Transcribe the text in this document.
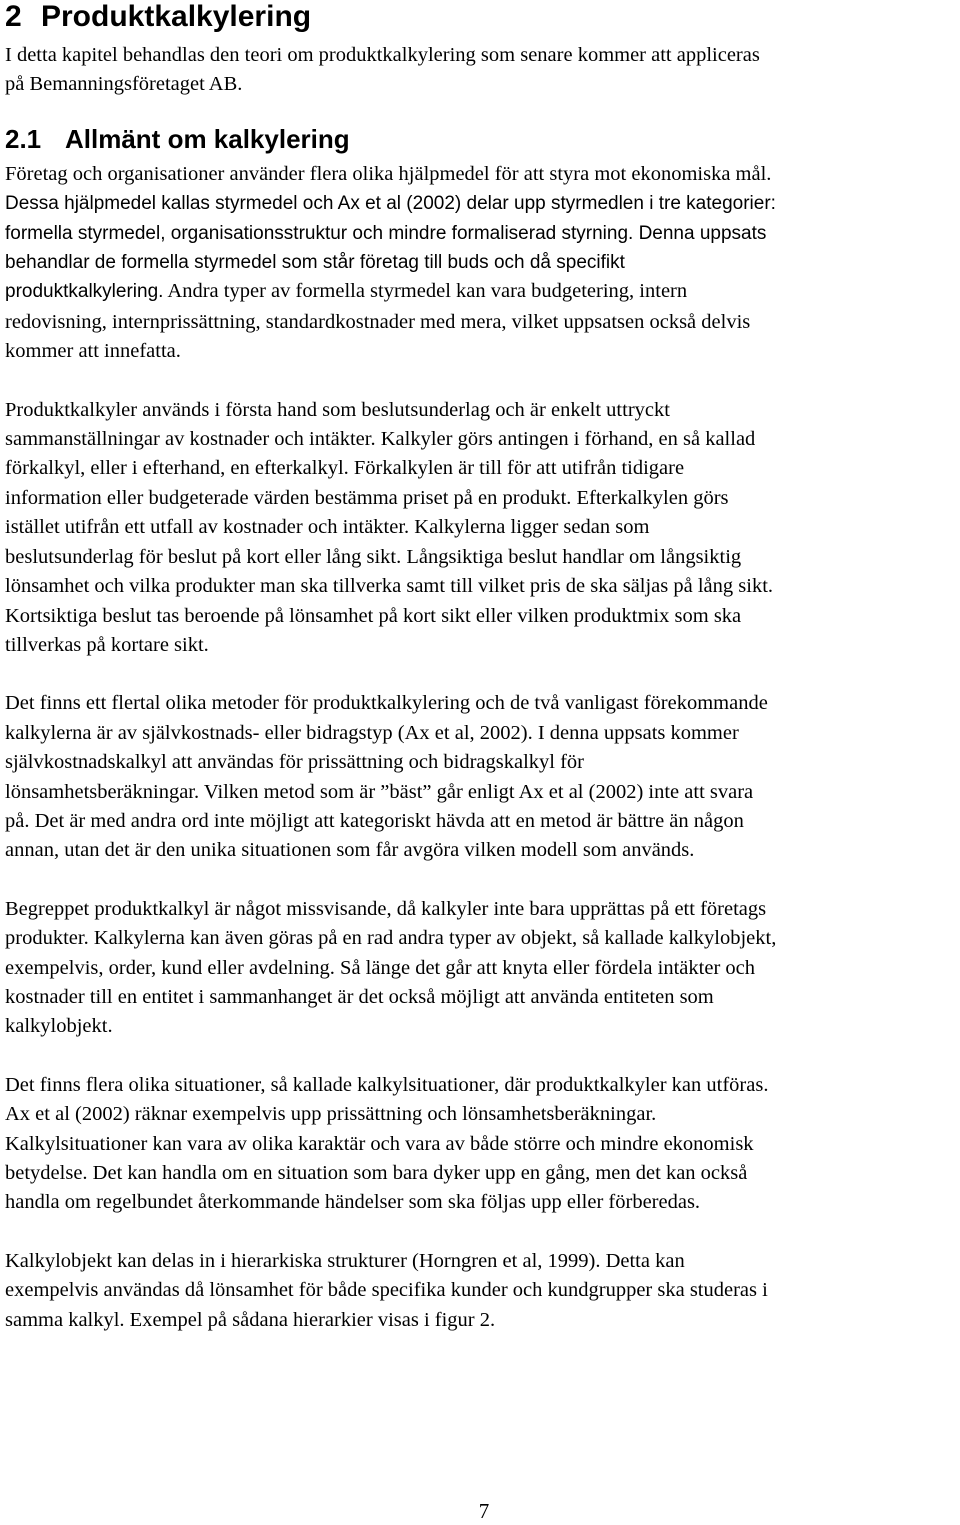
2 Produktkalkylering

I detta kapitel behandlas den teori om produktkalkylering som senare kommer att appliceras
på Bemanningsföretaget AB.

2.1 Allmänt om kalkylering
Företag och organisationer använder flera olika hjälpmedel för att styra mot ekonomiska mål.
Dessa hjälpmedel kallas styrmedel och Ax et al (2002) delar upp styrmedlen i tre kategorier:
formella styrmedel, organisationsstruktur och mindre formaliserad styrning. Denna uppsats
behandlar de formella styrmedel som står företag till buds och då specifikt
produktkalkylering. Andra typer av formella styrmedel kan vara budgetering, intern
redovisning, internprissättning, standardkostnader med mera, vilket uppsatsen också delvis
kommer att innefatta.

Produktkalkyler används i första hand som beslutsunderlag och är enkelt uttryckt
sammanställningar av kostnader och intäkter. Kalkyler görs antingen i förhand, en så kallad
förkalkyl, eller i efterhand, en efterkalkyl. Förkalkylen är till för att utifrån tidigare
information eller budgeterade värden bestämma priset på en produkt. Efterkalkylen görs
istället utifrån ett utfall av kostnader och intäkter. Kalkylerna ligger sedan som
beslutsunderlag för beslut på kort eller lång sikt. Långsiktiga beslut handlar om långsiktig
lönsamhet och vilka produkter man ska tillverka samt till vilket pris de ska säljas på lång sikt.
Kortsiktiga beslut tas beroende på lönsamhet på kort sikt eller vilken produktmix som ska
tillverkas på kortare sikt.

Det finns ett flertal olika metoder för produktkalkylering och de två vanligast förekommande
kalkylerna är av självkostnads- eller bidragstyp (Ax et al, 2002). I denna uppsats kommer
självkostnadskalkyl att användas för prissättning och bidragskalkyl för
lönsamhetsberäkningar. Vilken metod som är ”bäst” går enligt Ax et al (2002) inte att svara
på. Det är med andra ord inte möjligt att kategoriskt hävda att en metod är bättre än någon
annan, utan det är den unika situationen som får avgöra vilken modell som används.

Begreppet produktkalkyl är något missvisande, då kalkyler inte bara upprättas på ett företags
produkter. Kalkylerna kan även göras på en rad andra typer av objekt, så kallade kalkylobjekt,
exempelvis, order, kund eller avdelning. Så länge det går att knyta eller fördela intäkter och
kostnader till en entitet i sammanhanget är det också möjligt att använda entiteten som
kalkylobjekt.

Det finns flera olika situationer, så kallade kalkylsituationer, där produktkalkyler kan utföras.
Ax et al (2002) räknar exempelvis upp prissättning och lönsamhetsberäkningar.
Kalkylsituationer kan vara av olika karaktär och vara av både större och mindre ekonomisk
betydelse. Det kan handla om en situation som bara dyker upp en gång, men det kan också
handla om regelbundet återkommande händelser som ska följas upp eller förberedas.

Kalkylobjekt kan delas in i hierarkiska strukturer (Horngren et al, 1999). Detta kan
exempelvis användas då lönsamhet för både specifika kunder och kundgrupper ska studeras i
samma kalkyl. Exempel på sådana hierarkier visas i figur 2.

7
